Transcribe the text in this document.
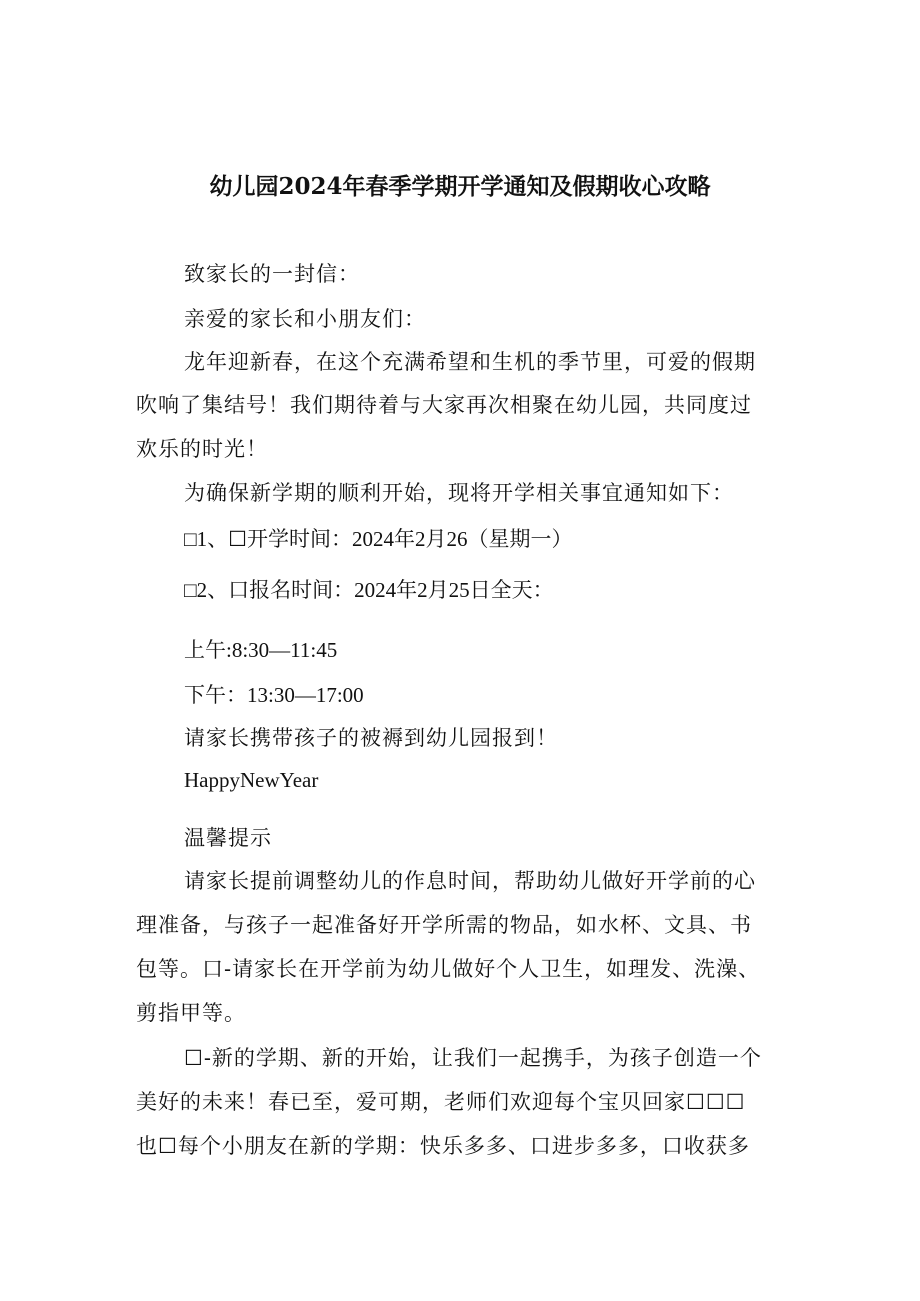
幼儿园2024年春季学期开学通知及假期收心攻略
致家长的一封信：
亲爱的家长和小朋友们：
龙年迎新春，在这个充满希望和生机的季节里，可爱的假期
吹响了集结号！我们期待着与大家再次相聚在幼儿园，共同度过
欢乐的时光！
为确保新学期的顺利开始，现将开学相关事宜通知如下：
□1、☐开学时间：2024年2月26（星期一）
□2、口报名时间：2024年2月25日全天：
上午:8:30—11:45
下午：13:30—17:00
请家长携带孩子的被褥到幼儿园报到！
HappyNewYear
温馨提示
请家长提前调整幼儿的作息时间，帮助幼儿做好开学前的心
理准备，与孩子一起准备好开学所需的物品，如水杯、文具、书
包等。口-请家长在开学前为幼儿做好个人卫生，如理发、洗澡、
剪指甲等。
☐-新的学期、新的开始，让我们一起携手，为孩子创造一个
美好的未来！春已至，爱可期，老师们欢迎每个宝贝回家☐☐☐
也☐每个小朋友在新的学期：快乐多多、口进步多多，口收获多
